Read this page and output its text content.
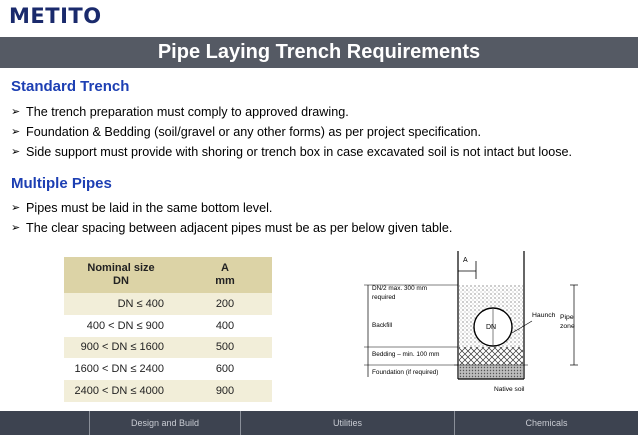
METITO
Pipe Laying Trench Requirements
Standard Trench
➢ The trench preparation must comply to approved drawing.
➢ Foundation & Bedding (soil/gravel or any other forms) as per project specification.
➢ Side support must provide with shoring or trench box in case excavated soil is not intact but loose.
Multiple Pipes
➢ Pipes must be laid in the same bottom level.
➢ The clear spacing between adjacent pipes must be as per below given table.
Nominal size
DN	A
mm
DN ≤ 400	200
400 < DN ≤ 900	400
900 < DN ≤ 1600	500
1600 < DN ≤ 2400	600
2400 < DN ≤ 4000	900
A
DN
DN/2 max. 300 mm
required
Backfill
Bedding – min. 100 mm
Foundation (if required)
Haunch Pipe
zone
Native soil
Design and Build	Utilities	Chemicals
